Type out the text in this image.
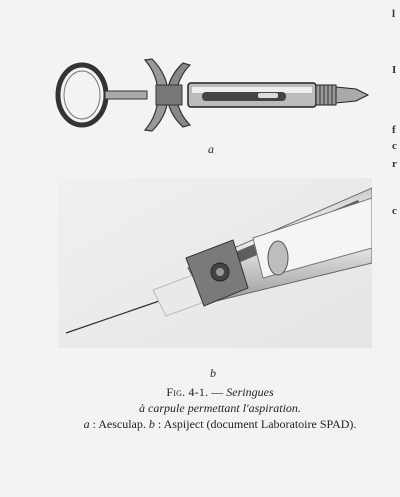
a
b
Fig. 4-1. — Seringues
à carpule permettant l'aspiration.
a : Aesculap. b : Aspiject (document Laboratoire SPAD).
l
I
f
c
r
c
